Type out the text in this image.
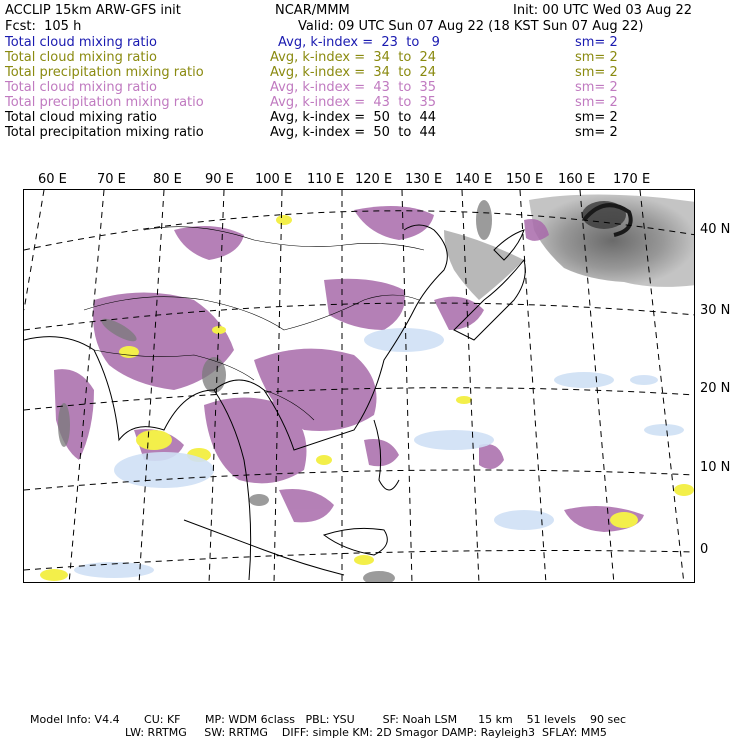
ACCLIP 15km ARW-GFS init	NCAR/MMM	Init: 00 UTC Wed 03 Aug 22
Fcst:  105 h	Valid: 09 UTC Sun 07 Aug 22 (18 KST Sun 07 Aug 22)
Total cloud mixing ratio	Avg, k-index =  23  to   9	sm= 2
Total cloud mixing ratio	Avg, k-index =  34  to  24	sm= 2
Total precipitation mixing ratio	Avg, k-index =  34  to  24	sm= 2
Total cloud mixing ratio	Avg, k-index =  43  to  35	sm= 2
Total precipitation mixing ratio	Avg, k-index =  43  to  35	sm= 2
Total cloud mixing ratio	Avg, k-index =  50  to  44	sm= 2
Total precipitation mixing ratio	Avg, k-index =  50  to  44	sm= 2
60 E 70 E 80 E 90 E 100 E 110 E 120 E 130 E 140 E 150 E 160 E 170 E
40 N
30 N
20 N
10 N
0
Model Info: V4.4       CU: KF       MP: WDM 6class   PBL: YSU        SF: Noah LSM      15 km    51 levels    90 sec
LW: RRTMG     SW: RRTMG    DIFF: simple KM: 2D Smagor DAMP: Rayleigh3  SFLAY: MM5
